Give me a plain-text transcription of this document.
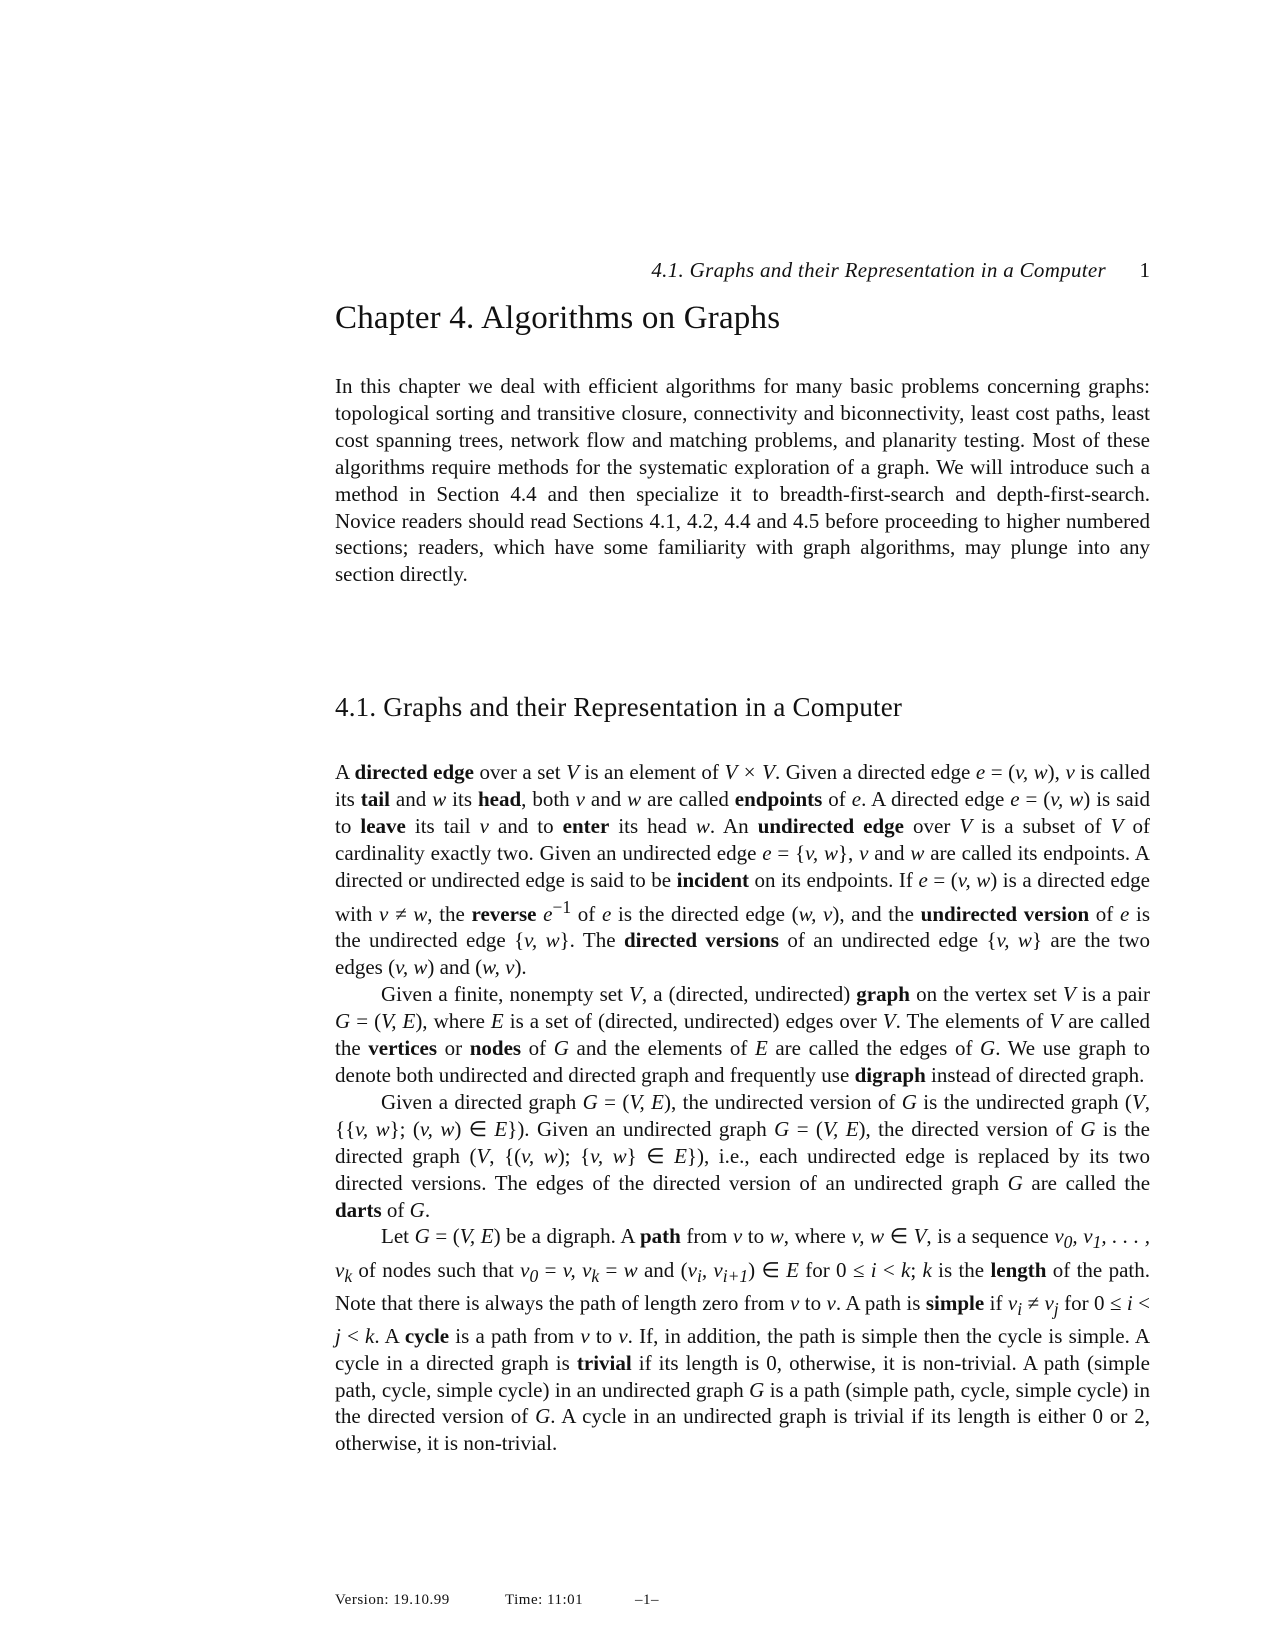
4.1. Graphs and their Representation in a Computer 1
Chapter 4. Algorithms on Graphs

In this chapter we deal with efficient algorithms for many basic problems concerning graphs: topological sorting and transitive closure, connectivity and biconnectivity, least cost paths, least cost spanning trees, network flow and matching problems, and planarity testing. Most of these algorithms require methods for the systematic exploration of a graph. We will introduce such a method in Section 4.4 and then specialize it to breadth-first-search and depth-first-search. Novice readers should read Sections 4.1, 4.2, 4.4 and 4.5 before proceeding to higher numbered sections; readers, which have some familiarity with graph algorithms, may plunge into any section directly.

4.1. Graphs and their Representation in a Computer

A directed edge over a set V is an element of V × V. Given a directed edge e = (v, w), v is called its tail and w its head, both v and w are called endpoints of e. A directed edge e = (v, w) is said to leave its tail v and to enter its head w. An undirected edge over V is a subset of V of cardinality exactly two. Given an undirected edge e = {v, w}, v and w are called its endpoints. A directed or undirected edge is said to be incident on its endpoints. If e = (v, w) is a directed edge with v ≠ w, the reverse $e^{-1}$ of e is the directed edge (w, v), and the undirected version of e is the undirected edge {v, w}. The directed versions of an undirected edge {v, w} are the two edges (v, w) and (w, v).

Given a finite, nonempty set V, a (directed, undirected) graph on the vertex set V is a pair G = (V, E), where E is a set of (directed, undirected) edges over V. The elements of V are called the vertices or nodes of G and the elements of E are called the edges of G. We use graph to denote both undirected and directed graph and frequently use digraph instead of directed graph.

Given a directed graph G = (V, E), the undirected version of G is the undirected graph (V, {{v, w}; (v, w) ∈ E}). Given an undirected graph G = (V, E), the directed version of G is the directed graph (V, {(v, w); {v, w} ∈ E}), i.e., each undirected edge is replaced by its two directed versions. The edges of the directed version of an undirected graph G are called the darts of G.

Let G = (V, E) be a digraph. A path from v to w, where v, w ∈ V, is a sequence $v_0$, $v_1$, . . . , $v_k$ of nodes such that $v_0 = v$, $v_k = w$ and ($v_i$, $v_{i+1}$) ∈ E for 0 ≤ i < k; k is the length of the path. Note that there is always the path of length zero from v to v. A path is simple if $v_i \ne v_j$ for 0 ≤ i < j < k. A cycle is a path from v to v. If, in addition, the path is simple then the cycle is simple. A cycle in a directed graph is trivial if its length is 0, otherwise, it is non-trivial. A path (simple path, cycle, simple cycle) in an undirected graph G is a path (simple path, cycle, simple cycle) in the directed version of G. A cycle in an undirected graph is trivial if its length is either 0 or 2, otherwise, it is non-trivial.

Version: 19.10.99	Time: 11:01	–1–
